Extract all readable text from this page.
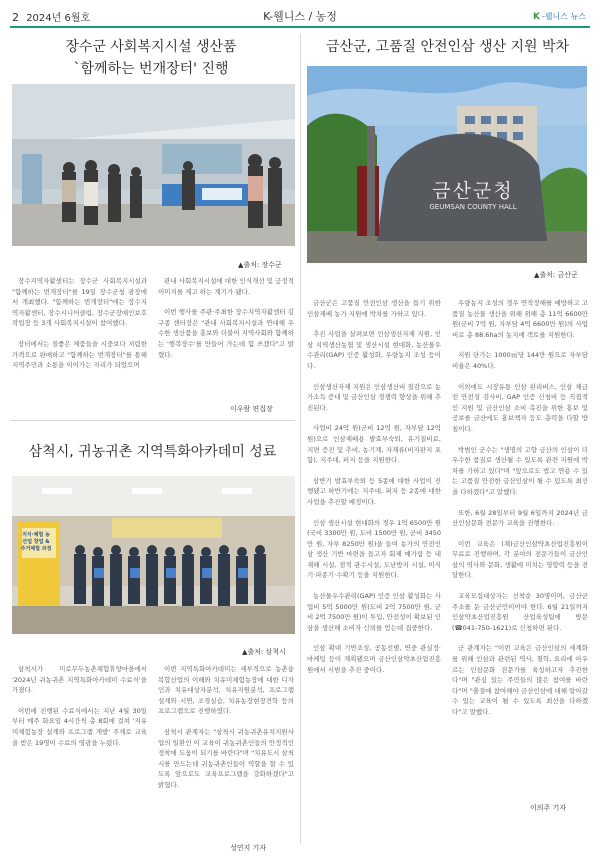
2 2024년 6월호	K-웰니스 / 농정	K -웰니스 뉴스
장수군 사회복지시설 생산품
`함께하는 번개장터' 진행
▲출처: 장수군

장수지역자활센터는 장수군 사회복지시설과 "함께하는 번개장터"를 19일 장수군청 광장에서 개최했다. "함께하는 번개장터"에는 장수지역자활센터, 장수시니어클럽, 장수군장애인보호작업장 등 3개 사회복지시설이 참여했다.

장터에서는 질좋은 제품들을 시중보다 저렴한 가격으로 판매하고 "함께하는 번개장터"를 통해 지역주민과 소통을 이어가는 자리가 되었으며

관내 사회복지시설에 대한 인식개선 및 긍정적 이미지를 제고 하는 계기가 됐다.

이번 행사를 주관·주최한 장수지역자활센터 김구종 센터장은 "관내 사회복지시설과 연대해 우수한 생산품을 홍보와 더불어 지역사회와 함께하는 '행복장수'를 만들어 가는데 힘 쓰겠다"고 밝혔다.

이우람 편집장
삼척시, 귀농귀촌 지역특화아카데미 성료
지식·체험 농산업 창업 & 주거체험 과정
▲출처: 삼척시

삼척시가 미로무두농촌체험휴양마을에서 '2024년 귀농귀촌 지역특화아카데미 수료식'을 가졌다.

이번에 진행된 수료식에서는 지난 4월 30일부터 매주 화요일 4시간씩 총 8회에 걸쳐 '지유미체험농장 설계와 프로그램 개발' 주제로 교육을 받은 19명이 수료의 영광을 누렸다.

이번 지역특화아카데미는 세부적으로 농촌융복합산업의 이해와 치유미체험농장에 대한 디자인과 치유대상자분석, 치유자원분석, 프로그램 설계와 시연, 조경실습, 치유농장현장견학 등의 프로그램으로 진행하였다.

삼척시 관계자는 "삼척시 귀농귀촌유치지원사업의 일환인 이 교육이 귀농귀촌인들의 안정적인 정착에 도움이 되기를 바란다"며 "치유도시 삼척시를 만드는데 귀농귀촌인들이 역할을 할 수 있도록 앞으로도 교육프로그램을 강화하겠다"고 밝혔다.

성연지 기자
금산군, 고품질 안전인삼 생산 지원 박차
금산군청
GEUMSAN COUNTY HALL
▲출처: 금산군

금산군은 고품질 안전인삼 생산을 돕기 위한 인삼재배 농가 지원에 박차를 가하고 있다.

추진 사업을 살펴보면 인삼생산자재 지원, 인삼 지역생산농협 및 생산시설 현대화, 농산물우수관리(GAP) 인증 활성화, 우량농지 조성 등이다.

인삼생산자재 지원은 인삼생산비 절감으로 농가소득 증대 및 금산인삼 경쟁력 향상을 위해 추진된다.

사업비 24억 원(군비 12억 원, 자부담 12억 원)으로 인삼재배용 발효부숙퇴, 유기질비료, 지면 증진 및 추비, 농기계, 자재류(비자판지 포함), 지주대, 퍼지 등을 지원한다.

삼반기 발효부숙퇴 등 5종에 대한 사업이 진행됐고 하반기에는 지주대, 퍼지 등 2종에 대한 사업을 추진할 예정이다.

인삼 생산시설 현대화의 경우 1억 6500만 원(국비 3300만 원, 도비 1500만 원, 군비 3450만 원, 자부 8250만 원)을 들여 농가의 안전인삼 생산 기반 마련을 돕고자 회재 예가림 등 내재해 시설, 점적 관수시설, 도난방지 시설, 이식기·파종기·수확기 등을 지원한다.

농산물우수관리(GAP) 인증 인삼 활성화는 사업비 5억 5000만 원(도비 2억 7500만 원, 군비 2억 7500만 원)이 투입, 안전성이 확보된 인삼을 생산해 소비자 신뢰를 얻는데 집중한다.

인삼 확대 기반조성, 공동선별, 연중 관실정·마케팅 등이 계획됐으며 금산인삼약초산업진흥원에서 시범을 추진 중이다.

우량농지 조성의 경우 연작장해를 예방하고 고품질 농산물 생산을 위해 위해 총 11억 6600만 원(군비 7억 원, 자부담 4억 6600만 원)의 사업비로 총 88.6ha의 농지에 객토를 지원한다.

지원 단가는 1000㎡당 144만 원으로 자부담 비율은 40%다.

이외에도 시장유통 인삼 판리버스, 인삼 체급 전 안전성 검사비, GAP 인증 신청비 등 직접적인 지원 및 금산인삼 소비 촉진을 위한 홍보 및 공보를 금산에도 홍보책자 등도 총력을 다할 방침이다.

박범인 군수는 "생명의 고향 금산의 인삼이 더 우수한 품질로 생산될 수 있도록 관련 지원에 박차를 가하고 있다"며 "앞으로도 법고 연용 수 있는 고품질 안전한 금산인삼이 될 수 있도록 최선을 다하겠다"고 말했다.

또한, 6월 28일부터 9월 6일까지 2024년 금산인삼문화 전문가 교육을 진행한다.

이번 교육은 (재)금산인삼약초산업진흥원이 무료로 진행하며, 각 분야의 전문가들이 금산인삼의 역사와 문화, 생활에 미치는 영향력 등을 전달한다.

교육모집대상자는 선착순 30명이며, 금산군 주소를 둔 금산군민이어야 한다. 6월 21일까지 인삼약초산업진흥원 산업육성팀에 방문(☎041-750-1621)로 신청하면 된다.

군 관계자는 "이번 교육은 금산인삼의 세계화를 위해 인삼과 관련된 역사, 철학, 요리에 아우르는 인삼문화 전문가를 육성하고자 추진한다"며 "관심 있는 주민들의 많은 참여를 바란다"며 "출결에 참여해야 금산인삼에 대해 알아갈 수 있는 교육이 될 수 있도록 최선을 다하겠다"고 말했다.

이의주 기자
